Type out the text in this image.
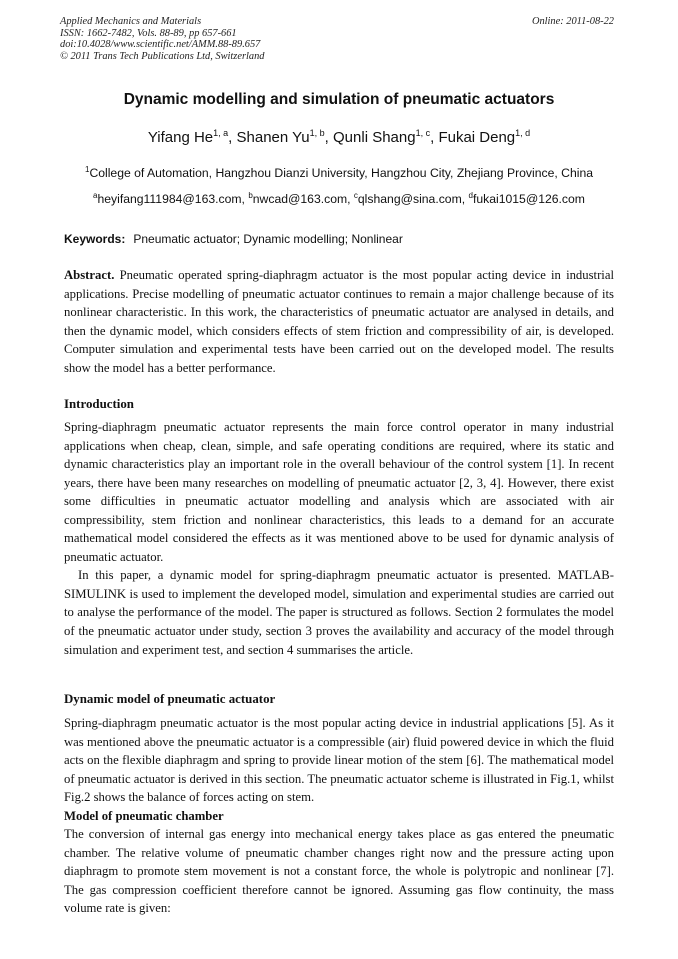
Applied Mechanics and Materials
ISSN: 1662-7482, Vols. 88-89, pp 657-661
doi:10.4028/www.scientific.net/AMM.88-89.657
© 2011 Trans Tech Publications Ltd, Switzerland
Online: 2011-08-22
Dynamic modelling and simulation of pneumatic actuators
Yifang He$^{1, a}$, Shanen Yu$^{1, b}$, Qunli Shang$^{1, c}$, Fukai Deng$^{1, d}$
$^1$College of Automation, Hangzhou Dianzi University, Hangzhou City, Zhejiang Province, China
$^a$heyifang111984@163.com, $^b$nwcad@163.com, $^c$qlshang@sina.com, $^d$fukai1015@126.com
Keywords: Pneumatic actuator; Dynamic modelling; Nonlinear

Abstract. Pneumatic operated spring-diaphragm actuator is the most popular acting device in industrial applications. Precise modelling of pneumatic actuator continues to remain a major challenge because of its nonlinear characteristic. In this work, the characteristics of pneumatic actuator are analysed in details, and then the dynamic model, which considers effects of stem friction and compressibility of air, is developed. Computer simulation and experimental tests have been carried out on the developed model. The results show the model has a better performance.

Introduction

Spring-diaphragm pneumatic actuator represents the main force control operator in many industrial applications when cheap, clean, simple, and safe operating conditions are required, where its static and dynamic characteristics play an important role in the overall behaviour of the control system [1]. In recent years, there have been many researches on modelling of pneumatic actuator [2, 3, 4]. However, there exist some difficulties in pneumatic actuator modelling and analysis which are associated with air compressibility, stem friction and nonlinear characteristics, this leads to a demand for an accurate mathematical model considered the effects as it was mentioned above to be used for dynamic analysis of pneumatic actuator.

In this paper, a dynamic model for spring-diaphragm pneumatic actuator is presented. MATLAB-SIMULINK is used to implement the developed model, simulation and experimental studies are carried out to analyse the performance of the model. The paper is structured as follows. Section 2 formulates the model of the pneumatic actuator under study, section 3 proves the availability and accuracy of the model through simulation and experiment test, and section 4 summarises the article.

Dynamic model of pneumatic actuator

Spring-diaphragm pneumatic actuator is the most popular acting device in industrial applications [5]. As it was mentioned above the pneumatic actuator is a compressible (air) fluid powered device in which the fluid acts on the flexible diaphragm and spring to provide linear motion of the stem [6]. The mathematical model of pneumatic actuator is derived in this section. The pneumatic actuator scheme is illustrated in Fig.1, whilst Fig.2 shows the balance of forces acting on stem.

Model of pneumatic chamber

The conversion of internal gas energy into mechanical energy takes place as gas entered the pneumatic chamber. The relative volume of pneumatic chamber changes right now and the pressure acting upon diaphragm to promote stem movement is not a constant force, the whole is polytropic and nonlinear [7]. The gas compression coefficient therefore cannot be ignored. Assuming gas flow continuity, the mass volume rate is given:
